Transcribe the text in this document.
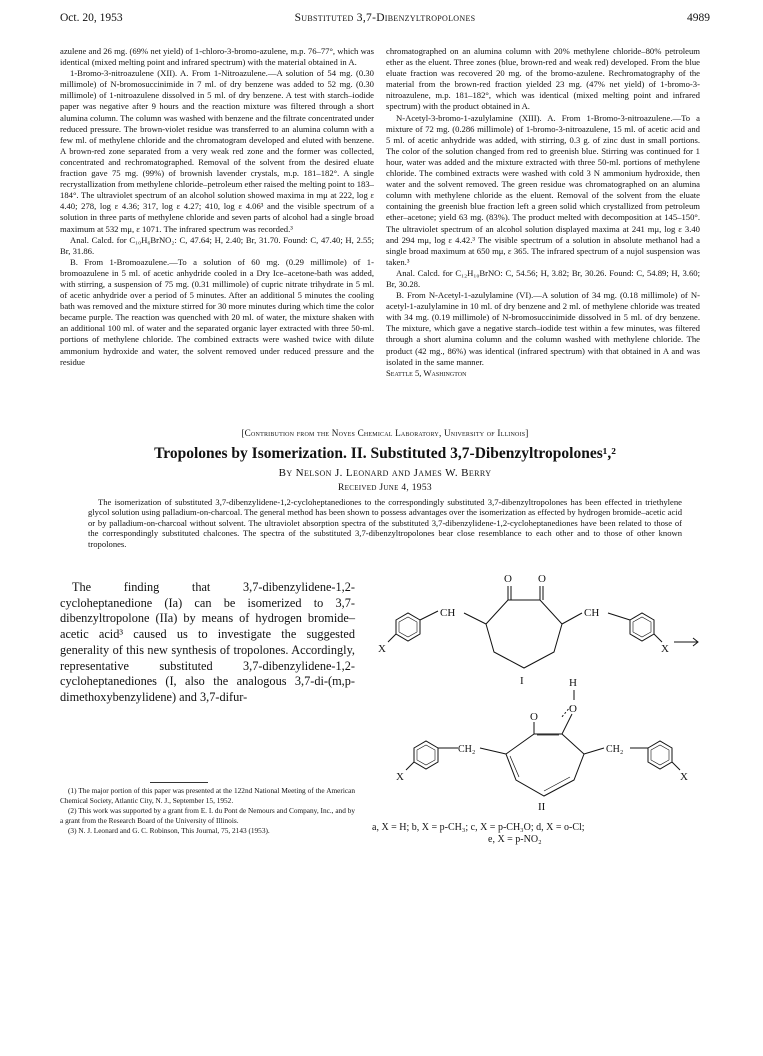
Oct. 20, 1953	Substituted 3,7-Dibenzyltropolones	4989

azulene and 26 mg. (69% net yield) of 1-chloro-3-bromo-azulene, m.p. 76–77°, which was identical (mixed melting point and infrared spectrum) with the material obtained in A.

1-Bromo-3-nitroazulene (XII). A. From 1-Nitroazulene.—A solution of 54 mg. (0.30 millimole) of N-bromosuccinimide in 7 ml. of dry benzene was added to 52 mg. (0.30 millimole) of 1-nitroazulene dissolved in 5 ml. of dry benzene. A test with starch–iodide paper was negative after 9 hours and the reaction mixture was filtered through a short alumina column. The column was washed with benzene and the filtrate concentrated under reduced pressure. The brown-violet residue was transferred to an alumina column with a few ml. of methylene chloride and the chromatogram developed and eluted with benzene. A brown-red zone separated from a very weak red zone and the former was collected, concentrated and rechromatographed. Removal of the solvent from the desired eluate fraction gave 75 mg. (99%) of brownish lavender crystals, m.p. 181–182°. A single recrystallization from methylene chloride–petroleum ether raised the melting point to 183–184°. The ultraviolet spectrum of an alcohol solution showed maxima in mμ at 222, log ε 4.40; 278, log ε 4.36; 317, log ε 4.27; 410, log ε 4.06³ and the visible spectrum of a solution in three parts of methylene chloride and seven parts of alcohol had a single broad maximum at 532 mμ, ε 1071. The infrared spectrum was recorded.³

Anal. Calcd. for C₁₀H₆BrNO₂: C, 47.64; H, 2.40; Br, 31.70. Found: C, 47.40; H, 2.55; Br, 31.86.

B. From 1-Bromoazulene.—To a solution of 60 mg. (0.29 millimole) of 1-bromoazulene in 5 ml. of acetic anhydride cooled in a Dry Ice–acetone-bath was added, with stirring, a suspension of 75 mg. (0.31 millimole) of cupric nitrate trihydrate in 5 ml. of acetic anhydride over a period of 5 minutes. After an additional 5 minutes the cooling bath was removed and the mixture stirred for 30 more minutes during which time the color became purple. The reaction was quenched with 20 ml. of water, the mixture shaken with an additional 100 ml. of water and the separated organic layer extracted with three 50-ml. portions of methylene chloride. The combined extracts were washed twice with dilute ammonium hydroxide and water, the solvent removed under reduced pressure and the residue

chromatographed on an alumina column with 20% methylene chloride–80% petroleum ether as the eluent. Three zones (blue, brown-red and weak red) developed. From the blue eluate fraction was recovered 20 mg. of the bromo-azulene. Rechromatography of the material from the brown-red fraction yielded 23 mg. (47% net yield) of 1-bromo-3-nitroazulene, m.p. 181–182°, which was identical (mixed melting point and infrared spectrum) with the product obtained in A.

N-Acetyl-3-bromo-1-azulylamine (XIII). A. From 1-Bromo-3-nitroazulene.—To a mixture of 72 mg. (0.286 millimole) of 1-bromo-3-nitroazulene, 15 ml. of acetic acid and 5 ml. of acetic anhydride was added, with stirring, 0.3 g. of zinc dust in small portions. The color of the solution changed from red to greenish blue. Stirring was continued for 1 hour, water was added and the mixture extracted with three 50-ml. portions of methylene chloride. The combined extracts were washed with cold 3 N ammonium hydroxide, then water and the solvent removed. The green residue was chromatographed on an alumina column with methylene chloride as the eluent. Removal of the solvent from the eluate containing the greenish blue fraction left a green solid which crystallized from petroleum ether–acetone; yield 63 mg. (83%). The product melted with decomposition at 145–150°. The ultraviolet spectrum of an alcohol solution displayed maxima at 241 mμ, log ε 3.40 and 294 mμ, log ε 4.42.³ The visible spectrum of a solution in absolute methanol had a single broad maximum at 650 mμ, ε 365. The infrared spectrum of a nujol suspension was taken.³

Anal. Calcd. for C₁₂H₁₀BrNO: C, 54.56; H, 3.82; Br, 30.26. Found: C, 54.89; H, 3.60; Br, 30.28.

B. From N-Acetyl-1-azulylamine (VI).—A solution of 34 mg. (0.18 millimole) of N-acetyl-1-azulylamine in 10 ml. of dry benzene and 2 ml. of methylene chloride was treated with 34 mg. (0.19 millimole) of N-bromosuccinimide dissolved in 5 ml. of dry benzene. The mixture, which gave a negative starch–iodide test within a few minutes, was filtered through a short alumina column and the column washed with methylene chloride. The product (42 mg., 86%) was identical (infrared spectrum) with that obtained in A and was isolated in the same manner.

Seattle 5, Washington

[Contribution from the Noyes Chemical Laboratory, University of Illinois]
Tropolones by Isomerization. II. Substituted 3,7-Dibenzyltropolones¹,²
By Nelson J. Leonard and James W. Berry
Received June 4, 1953

The isomerization of substituted 3,7-dibenzylidene-1,2-cycloheptanediones to the correspondingly substituted 3,7-dibenzyltropolones has been effected in triethylene glycol solution using palladium-on-charcoal. The general method has been shown to possess advantages over the isomerization as effected by hydrogen bromide–acetic acid or by palladium-on-charcoal without solvent. The ultraviolet absorption spectra of the substituted 3,7-dibenzylidene-1,2-cycloheptanediones have been related to those of the correspondingly substituted chalcones. The spectra of the substituted 3,7-dibenzyltropolones bear close resemblance to each other and to those of other known tropolones.

The finding that 3,7-dibenzylidene-1,2-cycloheptanedione (Ia) can be isomerized to 3,7-dibenzyltropolone (IIa) by means of hydrogen bromide–acetic acid³ caused us to investigate the suggested generality of this new synthesis of tropolones. Accordingly, representative substituted 3,7-dibenzylidene-1,2-cycloheptanediones (I, also the analogous 3,7-di-(m,p-dimethoxybenzylidene) and 3,7-difur-

(1) The major portion of this paper was presented at the 122nd National Meeting of the American Chemical Society, Atlantic City, N. J., September 15, 1952.

(2) This work was supported by a grant from E. I. du Pont de Nemours and Company, Inc., and by a grant from the Research Board of the University of Illinois.

(3) N. J. Leonard and G. C. Robinson, This Journal, 75, 2143 (1953).

O O
CH	CH
X	X
I	H
O
O
CH₂	CH₂
X	X
II
a, X = H; b, X = p-CH₃; c, X = p-CH₃O; d, X = o-Cl;
e, X = p-NO₂
